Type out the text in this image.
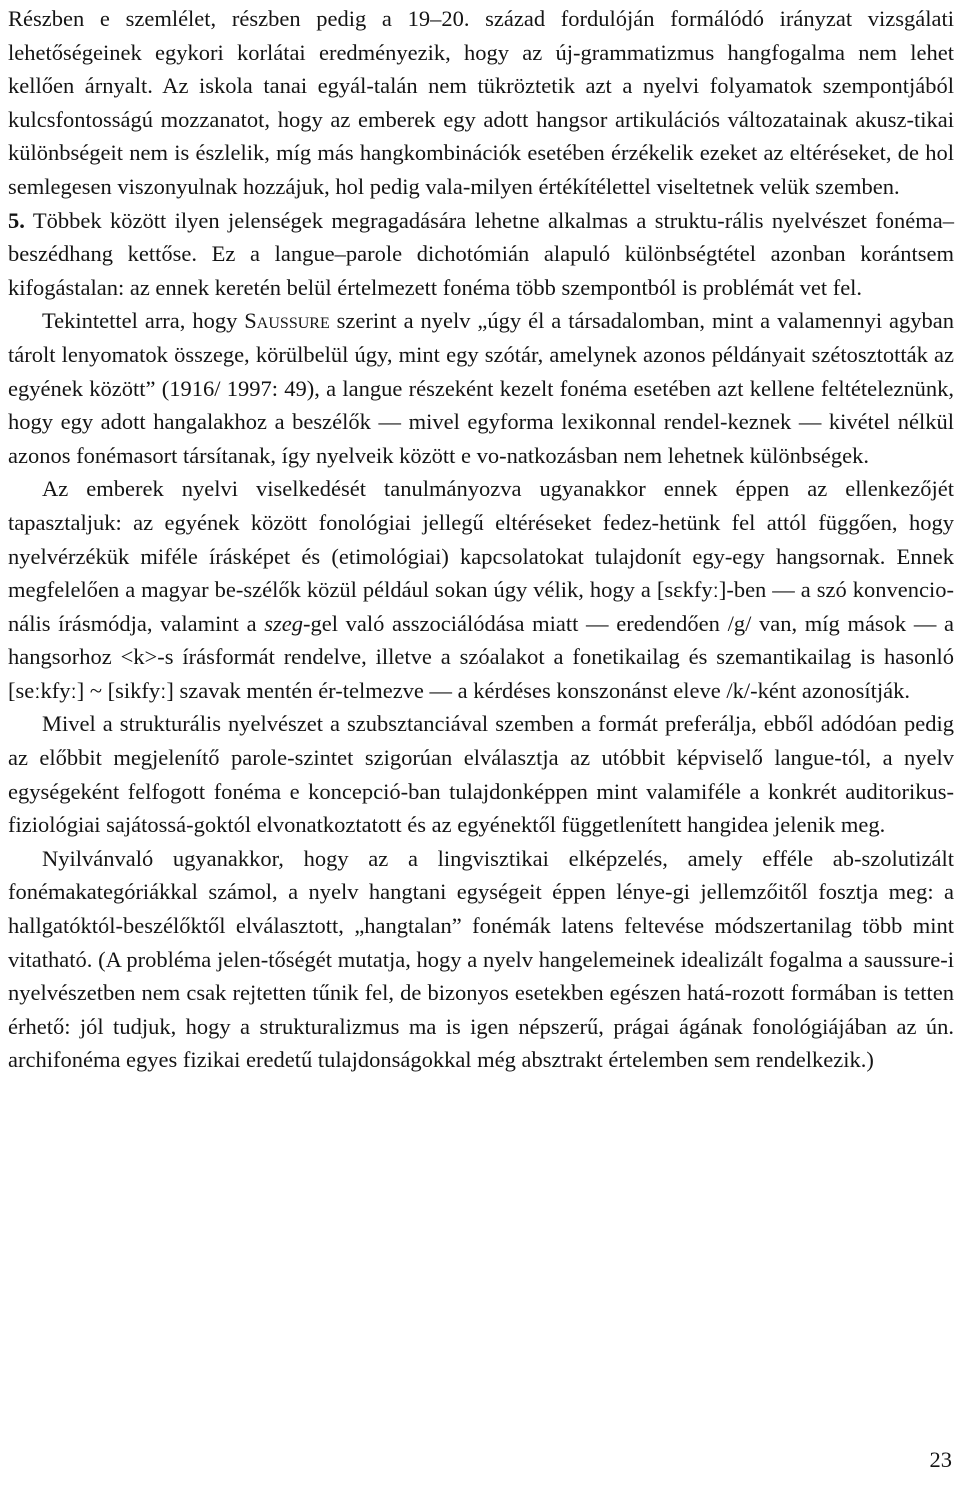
Részben e szemlélet, részben pedig a 19–20. század fordulóján formálódó irányzat vizsgálati lehetőségeinek egykori korlátai eredményezik, hogy az új-grammatizmus hangfogalma nem lehet kellően árnyalt. Az iskola tanai egyál-talán nem tükröztetik azt a nyelvi folyamatok szempontjából kulcsfontosságú mozzanatot, hogy az emberek egy adott hangsor artikulációs változatainak akusz-tikai különbségeit nem is észlelik, míg más hangkombinációk esetében érzékelik ezeket az eltéréseket, de hol semlegesen viszonyulnak hozzájuk, hol pedig vala-milyen értékítélettel viseltetnek velük szemben.

5. Többek között ilyen jelenségek megragadására lehetne alkalmas a struktu-rális nyelvészet fonéma–beszédhang kettőse. Ez a langue–parole dichotómián alapuló különbségtétel azonban korántsem kifogástalan: az ennek keretén belül értelmezett fonéma több szempontból is problémát vet fel.

Tekintettel arra, hogy Saussure szerint a nyelv „úgy él a társadalomban, mint a valamennyi agyban tárolt lenyomatok összege, körülbelül úgy, mint egy szótár, amelynek azonos példányait szétosztották az egyének között” (1916/ 1997: 49), a langue részeként kezelt fonéma esetében azt kellene feltételeznünk, hogy egy adott hangalakhoz a beszélők — mivel egyforma lexikonnal rendel-keznek — kivétel nélkül azonos fonémasort társítanak, így nyelveik között e vo-natkozásban nem lehetnek különbségek.

Az emberek nyelvi viselkedését tanulmányozva ugyanakkor ennek éppen az ellenkezőjét tapasztaljuk: az egyének között fonológiai jellegű eltéréseket fedez-hetünk fel attól függően, hogy nyelvérzékük miféle írásképet és (etimológiai) kapcsolatokat tulajdonít egy-egy hangsornak. Ennek megfelelően a magyar be-szélők közül például sokan úgy vélik, hogy a [sɛkfyː]-ben — a szó konvencio-nális írásmódja, valamint a szeg-gel való asszociálódása miatt — eredendően /g/ van, míg mások — a hangsorhoz <k>-s írásformát rendelve, illetve a szóalakot a fonetikailag és szemantikailag is hasonló [seːkfyː] ~ [sikfyː] szavak mentén ér-telmezve — a kérdéses konszonánst eleve /k/-ként azonosítják.

Mivel a strukturális nyelvészet a szubsztanciával szemben a formát preferálja, ebből adódóan pedig az előbbit megjelenítő parole-szintet szigorúan elválasztja az utóbbit képviselő langue-tól, a nyelv egységeként felfogott fonéma e koncepció-ban tulajdonképpen mint valamiféle a konkrét auditorikus-fiziológiai sajátossá-goktól elvonatkoztatott és az egyénektől függetlenített hangidea jelenik meg.

Nyilvánvaló ugyanakkor, hogy az a lingvisztikai elképzelés, amely efféle ab-szolutizált fonémakategóriákkal számol, a nyelv hangtani egységeit éppen lénye-gi jellemzőitől fosztja meg: a hallgatóktól-beszélőktől elválasztott, „hangtalan” fonémák latens feltevése módszertanilag több mint vitatható. (A probléma jelen-tőségét mutatja, hogy a nyelv hangelemeinek idealizált fogalma a saussure-i nyelvészetben nem csak rejtetten tűnik fel, de bizonyos esetekben egészen hatá-rozott formában is tetten érhető: jól tudjuk, hogy a strukturalizmus ma is igen népszerű, prágai ágának fonológiájában az ún. archifonéma egyes fizikai eredetű tulajdonságokkal még absztrakt értelemben sem rendelkezik.)

23
